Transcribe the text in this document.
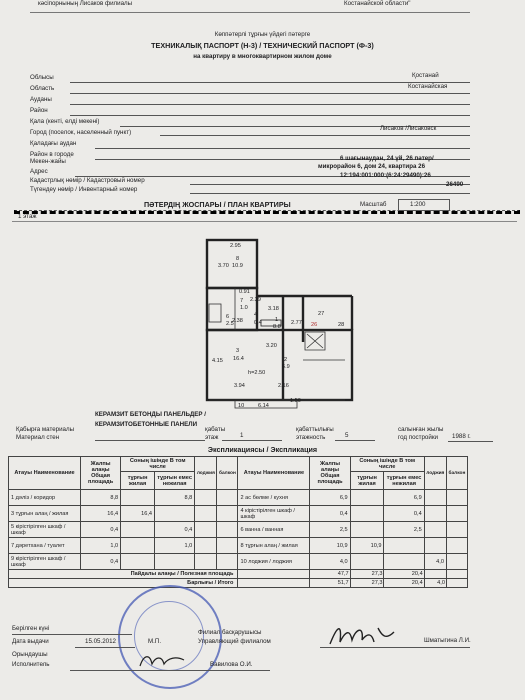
кәсіпорнының Лисаков филиалы	Костанайской области"
Көппәтерлі тұрғын үйдегі пәтерге
ТЕХНИКАЛЫҚ ПАСПОРТ (Н-3) / ТЕХНИЧЕСКИЙ ПАСПОРТ (Ф-3)
на квартиру в многоквартирном жилом доме
Облысы	Қостанай
Область	Костанайская
Ауданы
Район
Қала (кенті, елді мекені)
Город (поселок, населенный пункт)
Лисаков /Лисаковск
Қаладағы аудан
Район в городе
Мекен-жайы	6 шағынаудан, 24 үй, 26 пәтер/
Адрес
микрорайон 6, дом 24, квартира 26
Кадастрлық нөмір / Кадастровый номер
12:194:001:000:(6:24:29490):26
Түгендеу нөмір / Инвентарный номер
26490
ПӘТЕРДІҢ ЖОСПАРЫ / ПЛАН КВАРТИРЫ	Масштаб	1:200
1 этаж
2.95
3.70
8
10.9
0.91
2.39
7
1.0
6
2.5
4
0.4
2.38
3.18
1
8.8
2.77
27
26	28
3
16.4
4.15
3.20
2
6.9
h=2.50
3.94	2.16
10 6.14
1.50
КЕРАМЗИТ БЕТОНДЫ ПАНЕЛЬДЕР /
КЕРАМЗИТОБЕТОННЫЕ ПАНЕЛИ
Қабырға материалы
Материал стен
қабаты
этаж	1
қабаттылығы
этажность	5
салынған жылы
год постройки 1988 г.
Экспликациясы / Экспликация
Атауы Наименование	Жалпы алаңы Общая площадь	Соның ішінде В том числе		лоджия	балкон	Атауы Наименование	Жалпы алаңы Общая площадь	Соның ішінде В том числе		лоджия	балкон
		тұрғын жилая	тұрғын емес нежилая					тұрғын жилая	тұрғын емес нежилая		
1 дәліз / коридор	8,8		8,8			2 ас бөлме / кухня	6,9		6,9		
3 тұрғын алаң / жилая	16,4	16,4				4 кірістірілген шкаф / шкаф	0,4		0,4		
5 кірістірілген шкаф / шкаф	0,4		0,4			6 ванна / ванная	2,5		2,5		
7 дәретхана / туалет	1,0		1,0			8 тұрғын алаң / жилая	10,9	10,9			
9 кірістірілген шкаф / шкаф	0,4					10 лоджия / лоджия	4,0			4,0	
Пайдалы алаңы / Полезная площадь							47,7	27,3	20,4		
Барлығы / Итого							51,7	27,3	20,4	4,0	
Берілген күні
Дата выдачи	15.05.2012	М.П.
Филиал басқарушысы
Управляющий филиалом	Шматыгина Л.И.
Орындаушы
Исполнитель	Вавилова О.И.
